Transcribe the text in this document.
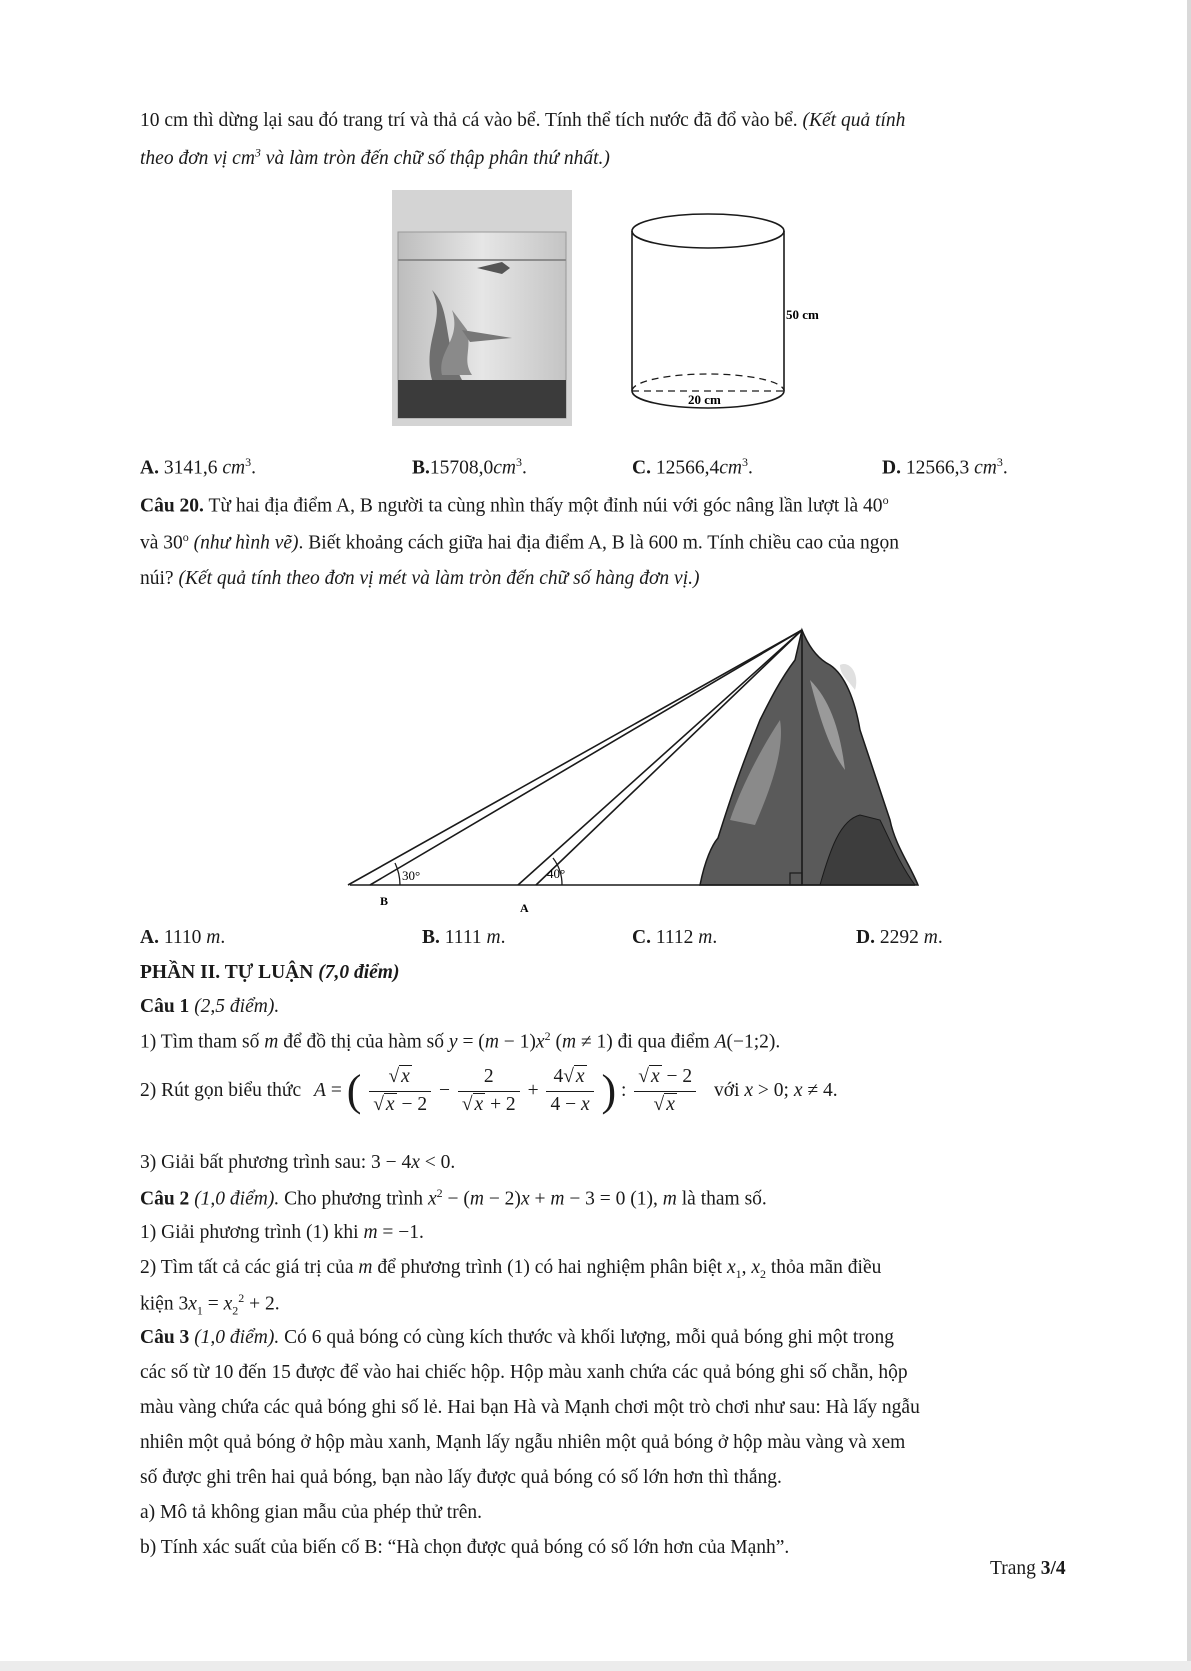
10 cm thì dừng lại sau đó trang trí và thả cá vào bể. Tính thể tích nước đã đổ vào bể. (Kết quả tính
theo đơn vị $cm^3$ và làm tròn đến chữ số thập phân thứ nhất.)
50 cm
20 cm
A. 3141,6 $cm^3$.	$B.15708,0cm^3$.	C. $12566,4cm^3$.	D. 12566,3 $cm^3$.
Câu 20. Từ hai địa điểm A, B người ta cùng nhìn thấy một đỉnh núi với góc nâng lần lượt là 40$^o$
và 30$^o$ (như hình vẽ). Biết khoảng cách giữa hai địa điểm A, B là 600 m. Tính chiều cao của ngọn
núi? (Kết quả tính theo đơn vị mét và làm tròn đến chữ số hàng đơn vị.)
30°	40°
B	A
A. 1110 m.	B. 1111 m.	C. 1112 m.	D. 2292 m.
PHẦN II. TỰ LUẬN (7,0 điểm)
Câu 1 (2,5 điểm).
1) Tìm tham số m để đồ thị của hàm số $y = (m - 1)x^2$ (m ≠ 1) đi qua điểm A(−1;2).
2) Rút gọn biểu thức A = ( $\frac{√ x}{√ x - 2} - \frac{2}{√ x + 2} + \frac{4√ x}{4 - x}$ ) : $\frac{√ x - 2}{√ x}$ với x > 0; x ≠ 4.
3) Giải bất phương trình sau: 3 − 4x < 0.
Câu 2 (1,0 điểm). Cho phương trình $x^2 - (m - 2)x + m - 3 = 0$ (1), m là tham số.
1) Giải phương trình (1) khi m = −1.
2) Tìm tất cả các giá trị của m để phương trình (1) có hai nghiệm phân biệt $x_1$, $x_2$ thỏa mãn điều
kiện $3x_1 = x_2^2 + 2$.
Câu 3 (1,0 điểm). Có 6 quả bóng có cùng kích thước và khối lượng, mỗi quả bóng ghi một trong
các số từ 10 đến 15 được để vào hai chiếc hộp. Hộp màu xanh chứa các quả bóng ghi số chẵn, hộp
màu vàng chứa các quả bóng ghi số lẻ. Hai bạn Hà và Mạnh chơi một trò chơi như sau: Hà lấy ngẫu
nhiên một quả bóng ở hộp màu xanh, Mạnh lấy ngẫu nhiên một quả bóng ở hộp màu vàng và xem
số được ghi trên hai quả bóng, bạn nào lấy được quả bóng có số lớn hơn thì thắng.
a) Mô tả không gian mẫu của phép thử trên.
b) Tính xác suất của biến cố B: “Hà chọn được quả bóng có số lớn hơn của Mạnh”.
Trang 3/4
